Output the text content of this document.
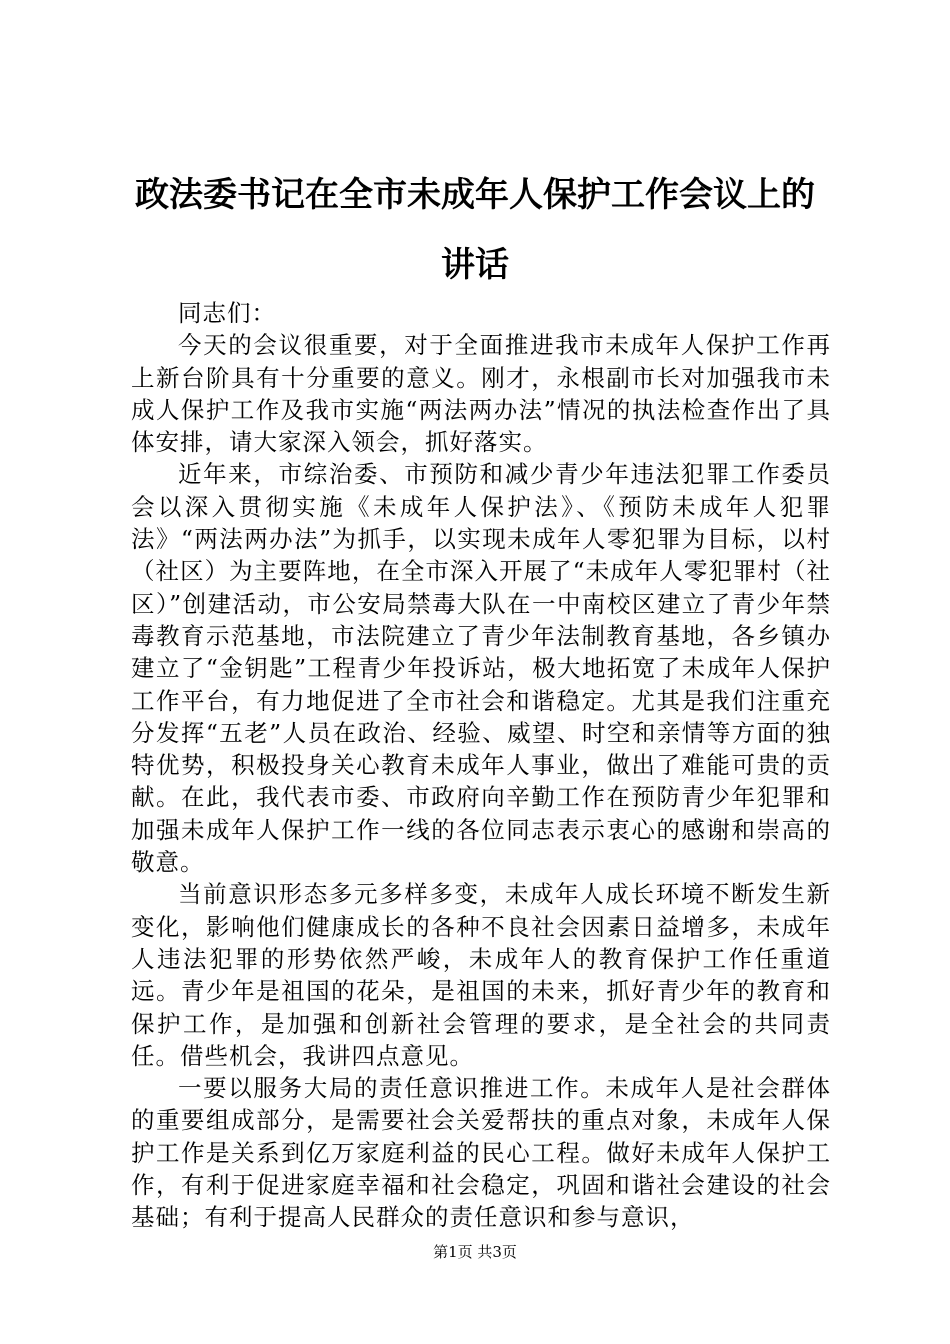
政法委书记在全市未成年人保护工作会议上的
讲话

同志们：

今天的会议很重要，对于全面推进我市未成年人保护工作再上新台阶具有十分重要的意义。刚才，永根副市长对加强我市未成人保护工作及我市实施“两法两办法”情况的执法检查作出了具体安排，请大家深入领会，抓好落实。

近年来，市综治委、市预防和减少青少年违法犯罪工作委员会以深入贯彻实施《未成年人保护法》、《预防未成年人犯罪法》“两法两办法”为抓手，以实现未成年人零犯罪为目标，以村（社区）为主要阵地，在全市深入开展了“未成年人零犯罪村（社区）”创建活动，市公安局禁毒大队在一中南校区建立了青少年禁毒教育示范基地，市法院建立了青少年法制教育基地，各乡镇办建立了“金钥匙”工程青少年投诉站，极大地拓宽了未成年人保护工作平台，有力地促进了全市社会和谐稳定。尤其是我们注重充分发挥“五老”人员在政治、经验、威望、时空和亲情等方面的独特优势，积极投身关心教育未成年人事业，做出了难能可贵的贡献。在此，我代表市委、市政府向辛勤工作在预防青少年犯罪和加强未成年人保护工作一线的各位同志表示衷心的感谢和崇高的敬意。

当前意识形态多元多样多变，未成年人成长环境不断发生新变化，影响他们健康成长的各种不良社会因素日益增多，未成年人违法犯罪的形势依然严峻，未成年人的教育保护工作任重道远。青少年是祖国的花朵，是祖国的未来，抓好青少年的教育和保护工作，是加强和创新社会管理的要求，是全社会的共同责任。借些机会，我讲四点意见。

一要以服务大局的责任意识推进工作。未成年人是社会群体的重要组成部分，是需要社会关爱帮扶的重点对象，未成年人保护工作是关系到亿万家庭利益的民心工程。做好未成年人保护工作，有利于促进家庭幸福和社会稳定，巩固和谐社会建设的社会基础；有利于提高人民群众的责任意识和参与意识，

第1页 共3页
